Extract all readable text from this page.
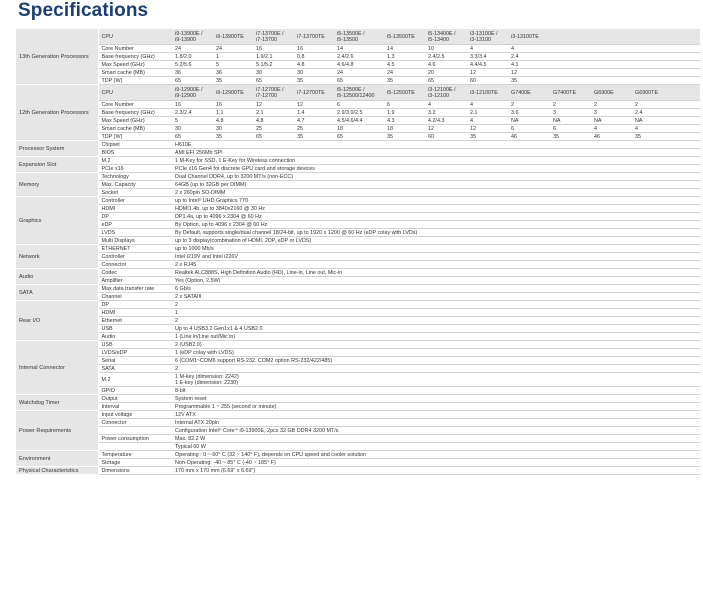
Specifications
13th Generation Processors	CPU	i9-13900E /
i9-13900	i9-13900TE	i7-13700E /
i7-13700	i7-13700TE	i5-13500E /
i5-13500	i5-13500TE	i5-13400E /
i5-13400	i3-13100E /
i3-13100	i3-13100TE			
	Core Number	24	24	16	16	14	14	10	4	4			
	Base frequency (GHz)	1.8/2.0	1	1.9/2.1	0.8	2.4/2.6	1.3	2.4/2.5	3.3/3.4	2.4			
	Max Speed (GHz)	5.2/5.6	5	5.1/5.2	4.8	4.6/4.8	4.5	4.6	4.4/4.5	4.1			
	Smart cache (MB)	36	36	30	30	24	24	20	12	12			
	TDP (W)	65	35	65	35	65	35	65	60	35			
12th Generation Processors	CPU	i9-12900E /
i9-12900	i9-12900TE	i7-12700E /
i7-12700	i7-12700TE	i5-12500E /
i5-12500/12400	i5-12500TE	i3-12100E /
i3-12100	i3-12100TE	G7400E	G7400TE	G6900E	G6900TE
	Core Number	16	16	12	12	6	6	4	4	2	2	2	2
	Base frequency (GHz)	2.3/2.4	1.1	2.1	1.4	2.9/3.0/2.5	1.9	3.2	2.1	3.6	3	3	2.4
	Max Speed (GHz)	5	4.8	4.8	4.7	4.5/4.6/4.4	4.3	4.2/4.3	4	NA	NA	NA	NA
	Smart cache (MB)	30	30	25	25	18	18	12	12	6	6	4	4
	TDP (W)	65	35	65	35	65	35	60	35	46	35	46	35
Processor System	Chipset	H610E											
	BIOS	AMI EFI 256Mb SPI											
Expansion Slot	M.2	1 M-Key for SSD, 1 E-Key for Wireless connection											
	PCIe x16	PCIe x16 Gen4 for discrete GPU card and storage devices											
Memory	Technology	Dual Channel DDR4, up to 3200 MT/s (non-ECC)											
	Max. Capacity	64GB (up to 32GB per DIMM)											
	Socket	2 x 260pin SO-DIMM											
Graphics	Controller	up to Intel® UHD Graphics 770											
	HDMI	HDMI1.4b, up to 3840x2160 @ 30 Hz											
	DP	DP1.4a, up to 4096 x 2304 @ 60 Hz											
	eDP	By Option, up to 4096 x 2304 @ 60 Hz											
	LVDS	By Default, supports single/dual channel 18/24-bit, up to 1920 x 1200 @ 60 Hz (eDP colay with LVDs)											
	Multi Displays	up to 3 display(combination of HDMI, 2DP, eDP or LVDS)											
Network	ETHERNET	up to 1000 Mb/s											
	Controller	Intel i219V and Intel i226V											
	Connector	2 x RJ45											
Audio	Codec	Realtek ALC888S, High Definition Audio (HD), Line-in, Line out, Mic-in											
	Amplifier	Yes (Option, 2.5W)											
SATA	Max data transfer rate	6 Gb/s											
	Channel	2 x SATAIII											
Rear I/O	DP	2											
	HDMI	1											
	Ethernet	2											
	USB	Up to 4 USB3.2 Gen1x1 & 4 USB2.0											
	Audio	1 (Line in/Line out/Mic in)											
Internal Connector	USB	2 (USB2.0)											
	LVDS/eDP	1 (eDP colay with LVDS)											
	Serial	6 (COM1~COM6 support RS-232. COM2 option RS-232/422/485)											
	SATA	2											
	M.2	1 M-key (dimension: 2242)
1 E-key (dimension: 2230)											

	GPIO	8-bit											
Watchdog Timer	Output	System reset											
	Interval	Programmable 1 ~ 255 (second or minute)											
Power Requirements	Input voltage	12V ATX											
	Connector	Internal ATX 20pin											
		Configuration Intel® Core™ i9-13900E, 2pcs 32 GB DDR4 3200 MT/s											
	Power consumption	Max. 82.2 W											
		Typical 60 W											
Environment	Temperature	Operating : 0 ~ 60° C (32 ~ 140° F), depends on CPU speed and cooler solution											
	Storage	Non-Operating: -40 ~ 85° C (-40 ~ 185° F)											
Physical Characteristics	Dimensions	170 mm x 170 mm (6.69" x 6.69")											
